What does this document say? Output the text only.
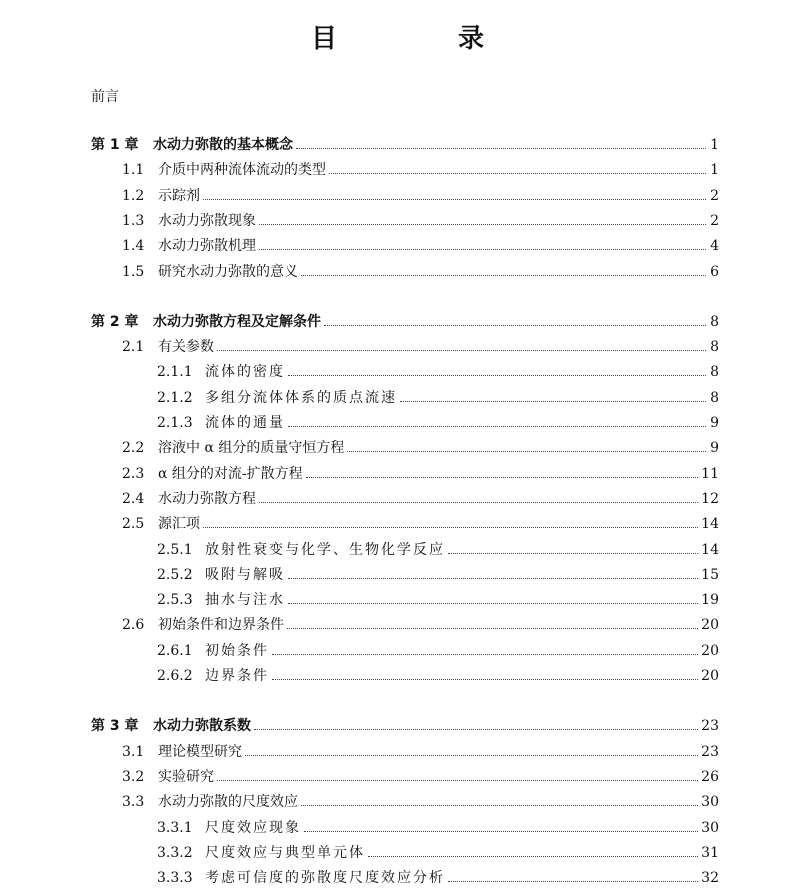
目 录
前言
第 1 章	水动力弥散的基本概念	1
1.1 介质中两种流体流动的类型	1
1.2 示踪剂	2
1.3 水动力弥散现象	2
1.4 水动力弥散机理	4
1.5 研究水动力弥散的意义	6
第 2 章	水动力弥散方程及定解条件	8
2.1 有关参数	8
2.1.1 流体的密度	8
2.1.2 多组分流体体系的质点流速	8
2.1.3 流体的通量	9
2.2 溶液中 α 组分的质量守恒方程	9
2.3 α 组分的对流-扩散方程	11
2.4 水动力弥散方程	12
2.5 源汇项	14
2.5.1 放射性衰变与化学、生物化学反应	14
2.5.2 吸附与解吸	15
2.5.3 抽水与注水	19
2.6 初始条件和边界条件	20
2.6.1 初始条件	20
2.6.2 边界条件	20
第 3 章	水动力弥散系数	23
3.1 理论模型研究	23
3.2 实验研究	26
3.3 水动力弥散的尺度效应	30
3.3.1 尺度效应现象	30
3.3.2 尺度效应与典型单元体	31
3.3.3 考虑可信度的弥散度尺度效应分析	32
